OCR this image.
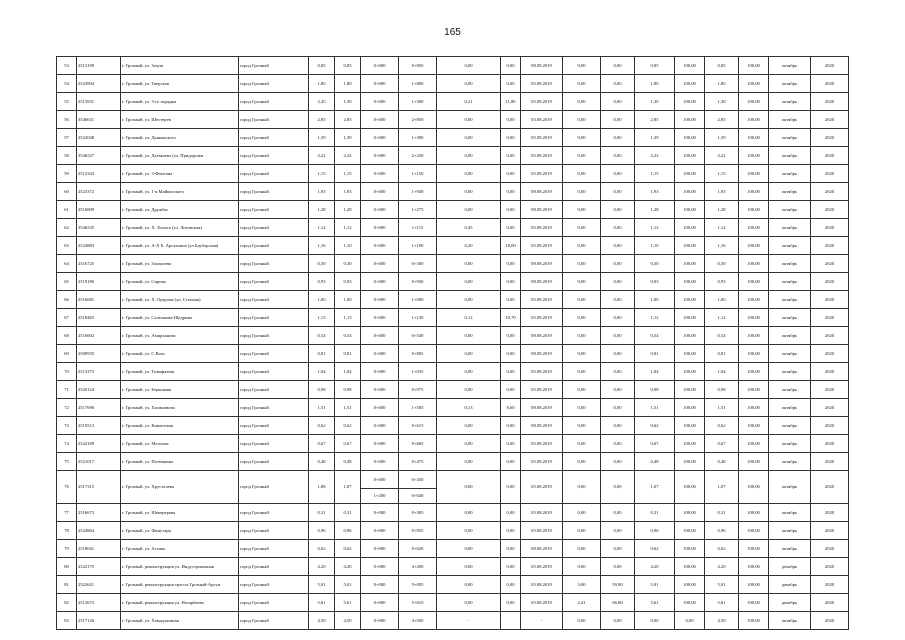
165
53	2513199	г. Грозный, ул. Зазуш	город Грозный	0,85	0,85	0+000	0+850	0,00	0,00	08.08.2019	0,00	0,00	0,85	100,00	0,85	100,00	октябрь	2020
54	2523904	г. Грозный, ул. Тверская	город Грозный	1,80	1,80	0+000	1+800	0,00	0,00	05.08.2019	0,00	0,00	1,80	100,00	1,80	100,00	октябрь	2020
55	2513931	г. Грозный, ул. 3-го порядка	город Грозный	2,45	1,30	0+000	1+300	0,21	11,80	05.08.2019	0,00	0,00	1,30	100,00	1,30	100,00	октябрь	2020
56	3546631	г. Грозный, ул. Шестерев	город Грозный	2,85	2,85	0+000	2+850	0,00	0,00	03.08.2019	0,00	0,00	2,85	100,00	2,85	100,00	октябрь	2020
57	2522048	г. Грозный, ул. Дьяконского	город Грозный	1,39	1,39	0+000	1+390	0,00	0,00	05.08.2019	0,00	0,00	1,39	100,00	1,39	100,00	октябрь	2020
58	3546527	г. Грозный, ул. Дагакаева (ул. Придорожн	город Грозный	2,22	2,22	0+000	2+220	0,00	0,00	05.08.2019	0,00	0,00	2,22	100,00	2,22	100,00	октябрь	2020
59	2512343	г. Грозный, ул. 3-Фонтана	город Грозный	1,15	1,15	0+000	1+150	0,00	0,00	05.08.2019	0,00	0,00	1,15	100,00	1,15	100,00	октябрь	2020
60	2523372	г. Грозный, ул. 1-я Майкопского	город Грозный	1,93	1,93	0+000	1+930	0,00	0,00	08.08.2019	0,00	0,00	1,93	100,00	1,93	100,00	октябрь	2020
61	2516809	г. Грозный, ул. Дружбы	город Грозный	1,28	1,28	0+000	1+275	0,00	0,00	08.08.2019	0,00	0,00	1,28	100,00	1,28	100,00	октябрь	2020
62	3546535	г. Грозный, ул. Х. Хизаса (ул. Литовская)	город Грозный	1,12	1,12	0+000	1+115	0,45	0,00	05.08.2019	0,00	0,00	1,12	100,00	1,12	100,00	октябрь	2020
63	2524883	г. Грозный, ул. А-Х Б. Арсаханов (ул.Бауборская)	город Грозный	1,10	1,10	0+000	1+100	0,20	18,00	05.08.2019	0,00	0,00	1,10	100,00	1,10	100,00	октябрь	2020
64	2516725	г. Грозный, ул. Захоноева	город Грозный	0,30	0,30	0+000	0+300	0,00	0,00	08.08.2019	0,00	0,00	0,30	100,00	0,30	100,00	октябрь	2020
65	2519186	г. Грозный, ул. Сирова	город Грозный	0,93	0,93	0+000	0+930	0,00	0,00	08.08.2019	0,00	0,00	0,93	100,00	0,93	100,00	октябрь	2020
66	2516681	г. Грозный, ул. Х. Орцуева (ул. Степная)	город Грозный	1,00	1,00	0+000	1+000	0,00	0,00	05.08.2019	0,00	0,00	1,00	100,00	1,00	100,00	октябрь	2020
67	2518465	г. Грозный, ул. Салтыкова-Щедрина	город Грозный	1,13	1,13	0+000	1+130	0,12	10,70	05.08.2019	0,00	0,00	1,12	100,00	1,12	100,00	октябрь	2020
68	2516602	г. Грозный, ул. Амирханова	город Грозный	0,54	0,54	0+000	0+540	0,00	0,00	08.08.2019	0,00	0,00	0,54	100,00	0,54	100,00	октябрь	2020
69	2509935	г. Грозный, ул. С.Вазо	город Грозный	0,81	0,81	0+000	0+805	0,00	0,00	08.08.2019	0,00	0,00	0,81	100,00	0,81	100,00	октябрь	2020
70	2513375	г. Грозный, ул. Тимирязева	город Грозный	1,04	1,04	0+000	1+035	0,00	0,00	05.08.2019	0,00	0,00	1,04	100,00	1,04	100,00	октябрь	2020
71	2520124	г. Грозный, ул. Беркавова	город Грозный	0,98	0,98	0+000	0+975	0,00	0,00	05.08.2019	0,00	0,00	0,98	100,00	0,98	100,00	октябрь	2020
72	2517696	г. Грозный, ул. Хасиновова	город Грозный	1,51	1,51	0+000	1+505	0,13	8,60	08.08.2019	0,00	0,00	1,51	100,00	1,51	100,00	октябрь	2020
73	2519513	г. Грозный, ул. Кишечская	город Грозный	0,62	0,62	0+000	0+615	0,00	0,00	08.08.2019	0,00	0,00	0,62	100,00	0,62	100,00	октябрь	2020
74	2522189	г. Грозный, ул. Меллова	город Грозный	0,67	0,67	0+000	0+665	0,00	0,00	05.08.2019	0,00	0,00	0,67	100,00	0,67	100,00	октябрь	2020
75	2521017	г. Грозный, ул. Потемкина	город Грозный	0,48	0,48	0+000	0+475	0,00	0,00	05.08.2019	0,00	0,00	0,48	100,00	0,48	100,00	октябрь	2020
76	2517315	г. Грозный, ул. Хрусталева	город Грозный	1,88	1,07	0+000	0+430	0,00	0,00	05.08.2019	0,00	0,00	1,07	100,00	1,07	100,00	октябрь	2020
						1+200	0+640											
77	2516673	г. Грозный, ул. Шекерерова	город Грозный	0,31	0,31	0+000	0+305	0,00	0,00	05.08.2019	0,00	0,00	0,31	100,00	0,31	100,00	октябрь	2020
78	2524864	г. Грозный, ул. Финутаря	город Грозный	0,96	0,96	0+000	0+955	0,00	0,00	05.08.2019	0,00	0,00	0,96	100,00	0,96	100,00	октябрь	2020
79	2518041	г. Грозный, ул. Асхава	город Грозный	0,62	0,62	0+000	0+620	0,00	0,00	08.08.2019	0,00	0,00	0,62	100,00	0,62	100,00	октябрь	2020
80	2522175	г. Грозный, реконструкция ул. Индустриальная	город Грозный	4,20	4,20	0+000	4+200	0,00	0,00	05.08.2019	0,00	0,00	4,20	100,00	4,20	100,00	декабрь	2020
81	2522621	г. Грозный, реконструкция трассы Грозный-Аргун	город Грозный	5,01	5,01	0+000	5+005	0,00	0,00	05.08.2019	3,00	59,80	5,01	100,00	5,01	100,00	декабрь	2020
82	2512673	г. Грозный, реконструкция ул. Назарбаева	город Грозный	5,61	5,61	0+000	5+610	0,00	0,00	05.08.2019	2,41	66,80	5,61	100,00	5,61	100,00	декабрь	2020
83	2517126	г. Грозный, ул. Хамадзасвная	город Грозный	4,50	4,50	0+000	4+500	-		-	0,00	0,00	0,00	0,00	4,50	100,00	октябрь	2020
